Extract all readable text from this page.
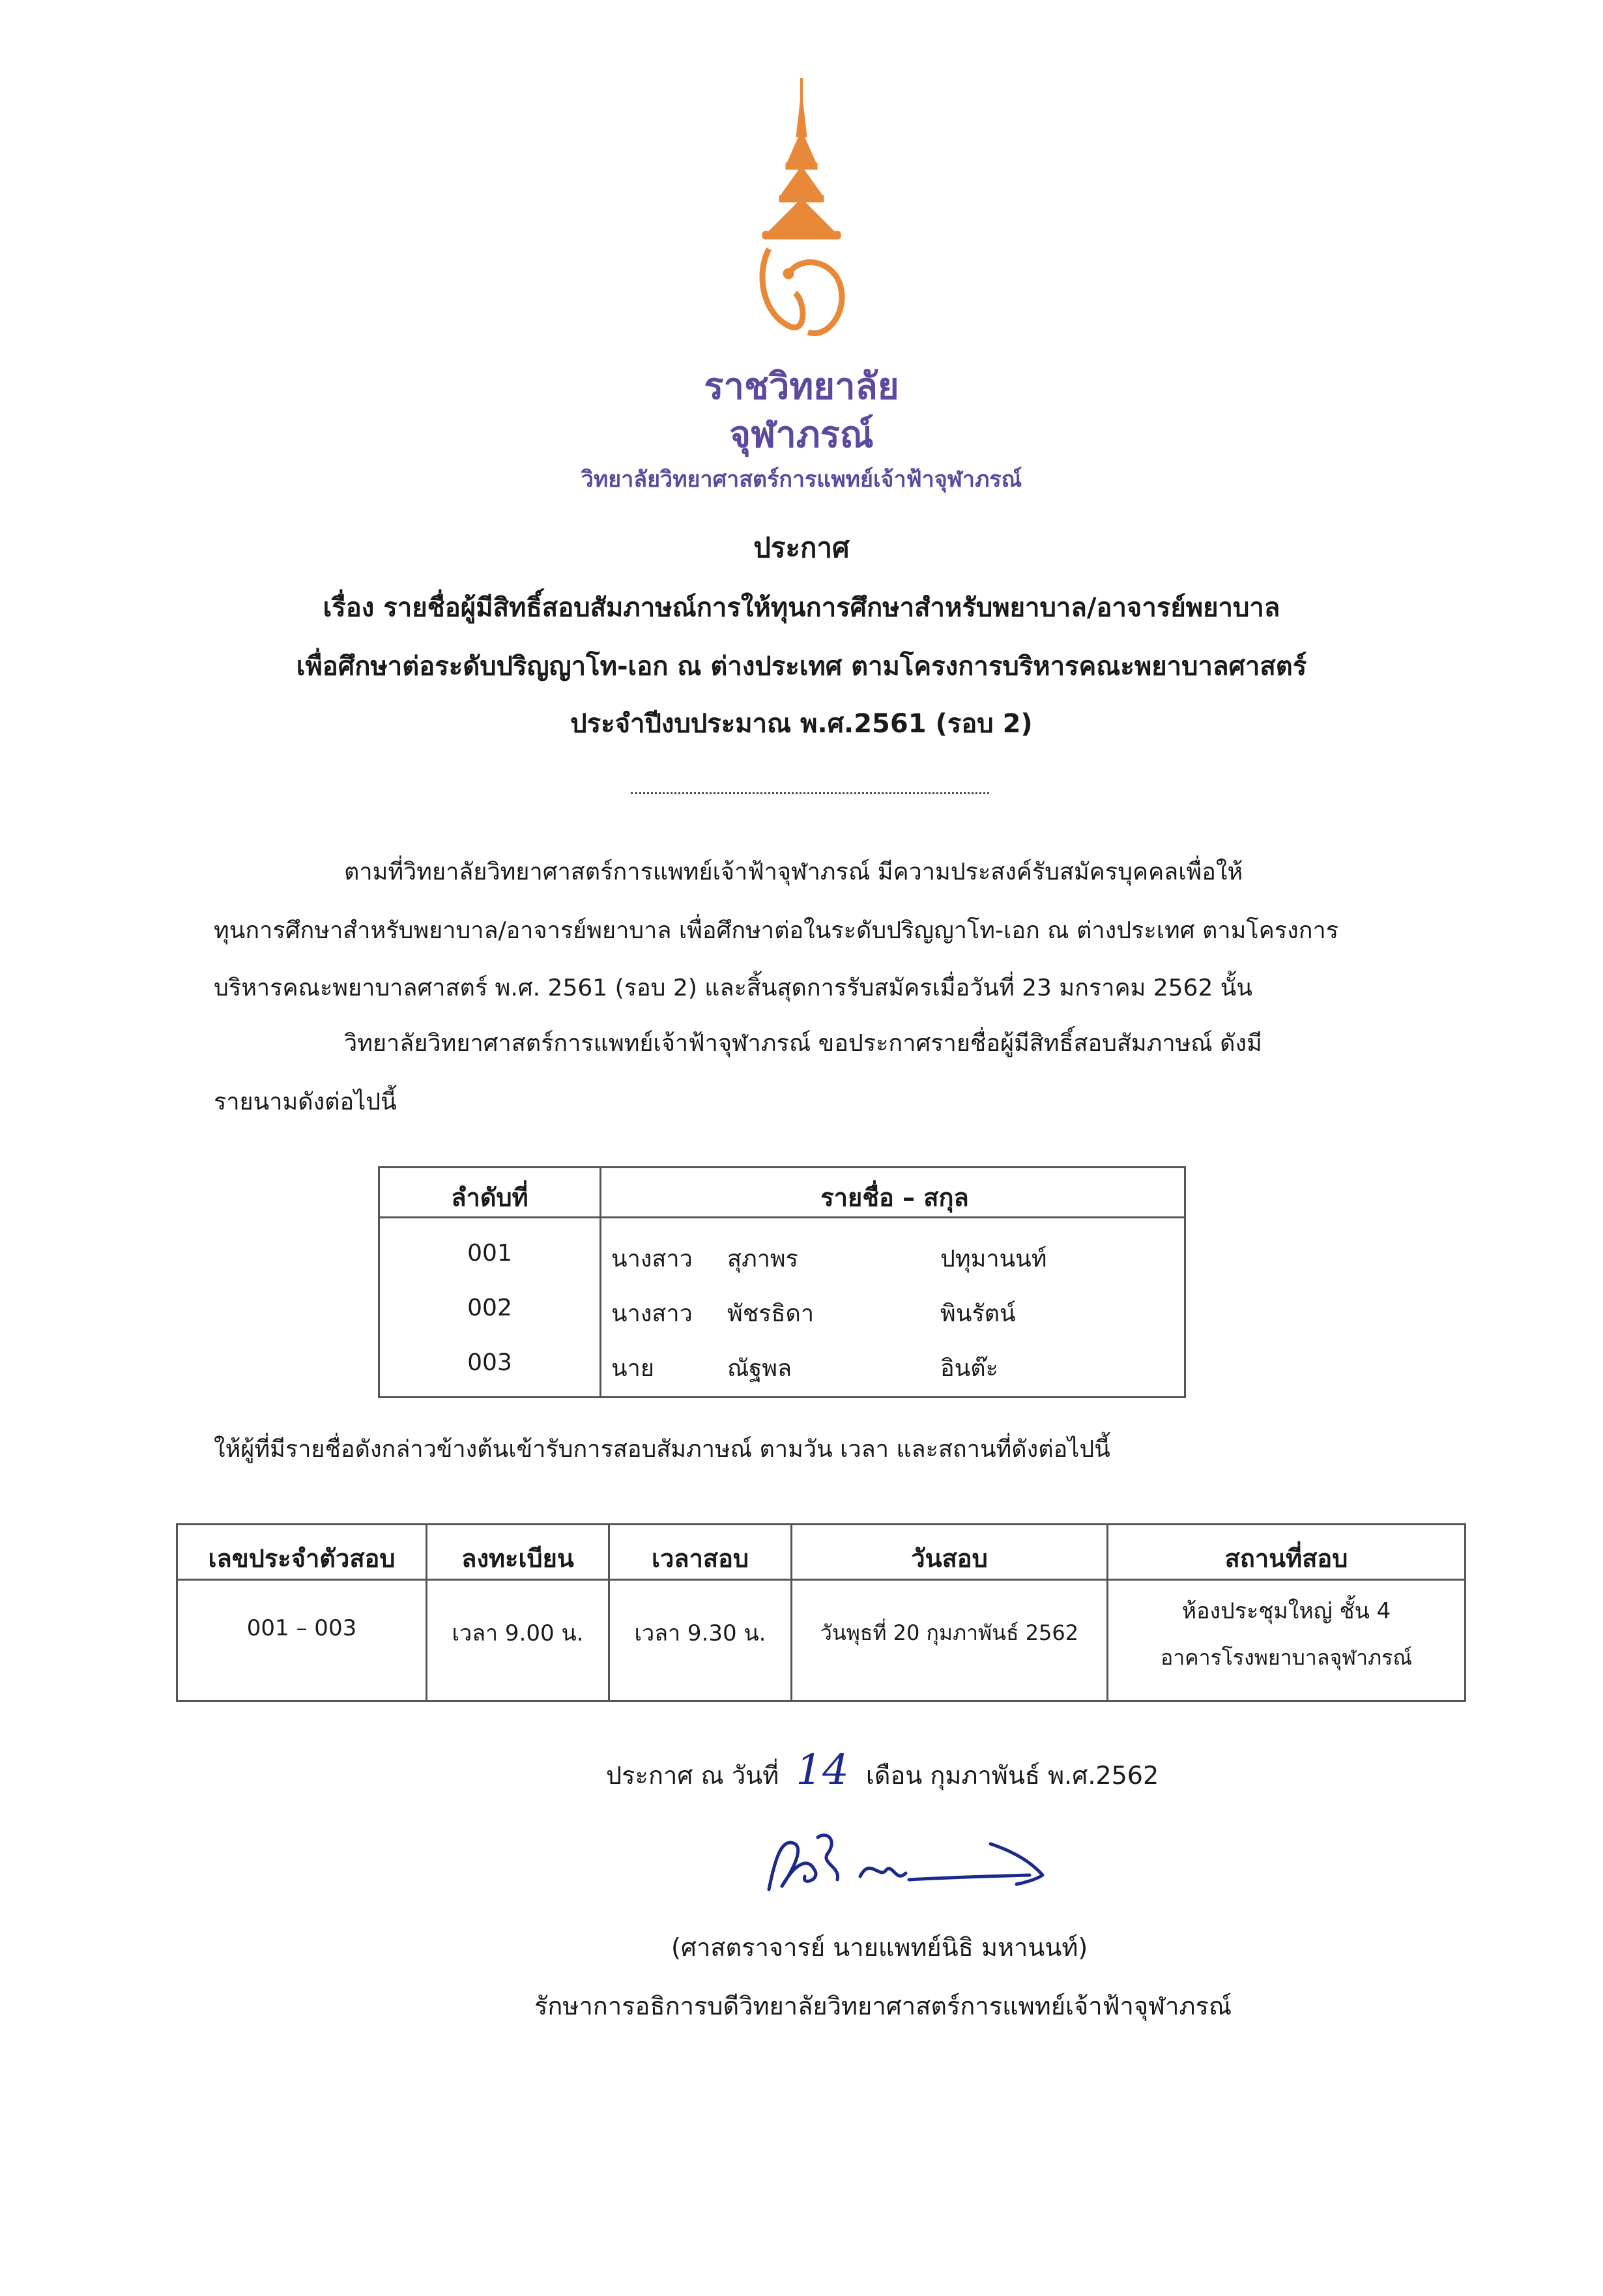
ราชวิทยาลัย
จุฬาภรณ์
วิทยาลัยวิทยาศาสตร์การแพทย์เจ้าฟ้าจุฬาภรณ์
ประกาศ
เรื่อง รายชื่อผู้มีสิทธิ์สอบสัมภาษณ์การให้ทุนการศึกษาสำหรับพยาบาล/อาจารย์พยาบาล
เพื่อศึกษาต่อระดับปริญญาโท-เอก ณ ต่างประเทศ ตามโครงการบริหารคณะพยาบาลศาสตร์
ประจำปีงบประมาณ พ.ศ.2561 (รอบ 2)
ตามที่วิทยาลัยวิทยาศาสตร์การแพทย์เจ้าฟ้าจุฬาภรณ์ มีความประสงค์รับสมัครบุคคลเพื่อให้
ทุนการศึกษาสำหรับพยาบาล/อาจารย์พยาบาล เพื่อศึกษาต่อในระดับปริญญาโท-เอก ณ ต่างประเทศ ตามโครงการ
บริหารคณะพยาบาลศาสตร์ พ.ศ. 2561 (รอบ 2) และสิ้นสุดการรับสมัครเมื่อวันที่ 23 มกราคม 2562 นั้น
วิทยาลัยวิทยาศาสตร์การแพทย์เจ้าฟ้าจุฬาภรณ์ ขอประกาศรายชื่อผู้มีสิทธิ์สอบสัมภาษณ์ ดังมี
รายนามดังต่อไปนี้
ลำดับที่	รายชื่อ – สกุล
001	นางสาว สุภาพร	ปทุมานนท์
002	นางสาว พัชรธิดา	พินรัตน์
003	นาย	ณัฐพล	อินต๊ะ
ให้ผู้ที่มีรายชื่อดังกล่าวข้างต้นเข้ารับการสอบสัมภาษณ์ ตามวัน เวลา และสถานที่ดังต่อไปนี้
เลขประจำตัวสอบ	ลงทะเบียน	เวลาสอบ	วันสอบ	สถานที่สอบ
001 – 003	เวลา 9.00 น.	เวลา 9.30 น.	วันพุธที่ 20 กุมภาพันธ์ 2562
ห้องประชุมใหญ่ ชั้น 4
อาคารโรงพยาบาลจุฬาภรณ์
ประกาศ ณ วันที่ 14 เดือน กุมภาพันธ์ พ.ศ.2562
(ศาสตราจารย์ นายแพทย์นิธิ มหานนท์)
รักษาการอธิการบดีวิทยาลัยวิทยาศาสตร์การแพทย์เจ้าฟ้าจุฬาภรณ์
